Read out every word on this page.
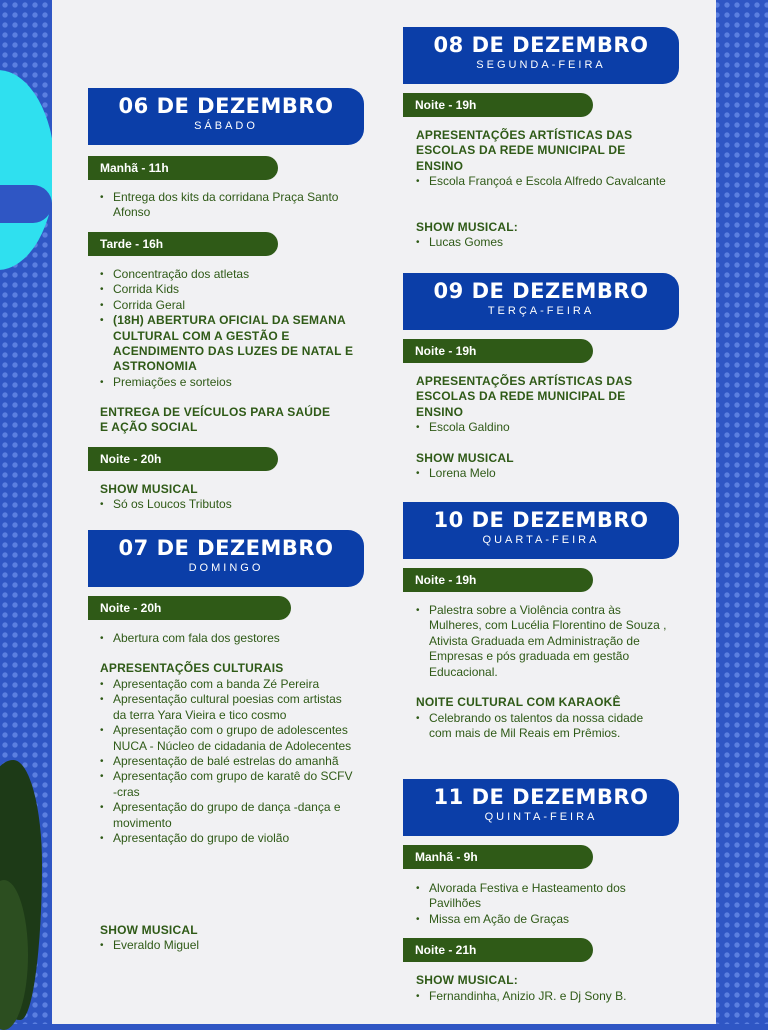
06 DE DEZEMBRO
SÁBADO
Manhã - 11h
• Entrega dos kits da corridana Praça Santo Afonso
Tarde - 16h
• Concentração dos atletas
• Corrida Kids
• Corrida Geral
• (18H) ABERTURA OFICIAL DA SEMANA CULTURAL COM A GESTÃO E ACENDIMENTO DAS LUZES DE NATAL E ASTRONOMIA
• Premiações e sorteios
ENTREGA DE VEÍCULOS PARA SAÚDE E AÇÃO SOCIAL
Noite - 20h
SHOW MUSICAL
• Só os Loucos Tributos
07 DE DEZEMBRO
DOMINGO
Noite - 20h
• Abertura com fala dos gestores
APRESENTAÇÕES CULTURAIS
• Apresentação com a banda Zé Pereira
• Apresentação cultural poesias com artistas da terra Yara Vieira e tico cosmo
• Apresentação com o grupo de adolescentes NUCA - Núcleo de cidadania de Adolecentes
• Apresentação de balé estrelas do amanhã
• Apresentação com grupo de karatê do SCFV -cras
• Apresentação do grupo de dança -dança e movimento
• Apresentação do grupo de violão
SHOW MUSICAL
• Everaldo Miguel
08 DE DEZEMBRO
SEGUNDA-FEIRA
Noite - 19h
APRESENTAÇÕES ARTÍSTICAS DAS ESCOLAS DA REDE MUNICIPAL DE ENSINO
• Escola Françoá e Escola Alfredo Cavalcante
SHOW MUSICAL:
• Lucas Gomes
09 DE DEZEMBRO
TERÇA-FEIRA
Noite - 19h
APRESENTAÇÕES ARTÍSTICAS DAS ESCOLAS DA REDE MUNICIPAL DE ENSINO
• Escola Galdino
SHOW MUSICAL
• Lorena Melo
10 DE DEZEMBRO
QUARTA-FEIRA
Noite - 19h
• Palestra sobre a Violência contra às Mulheres, com Lucélia Florentino de Souza , Ativista Graduada em Administração de Empresas e pós graduada em gestão Educacional.
NOITE CULTURAL COM KARAOKÊ
• Celebrando os talentos da nossa cidade com mais de Mil Reais em Prêmios.
11 DE DEZEMBRO
QUINTA-FEIRA
Manhã - 9h
• Alvorada Festiva e Hasteamento dos Pavilhões
• Missa em Ação de Graças
Noite - 21h
SHOW MUSICAL:
• Fernandinha, Anizio JR. e Dj Sony B.
